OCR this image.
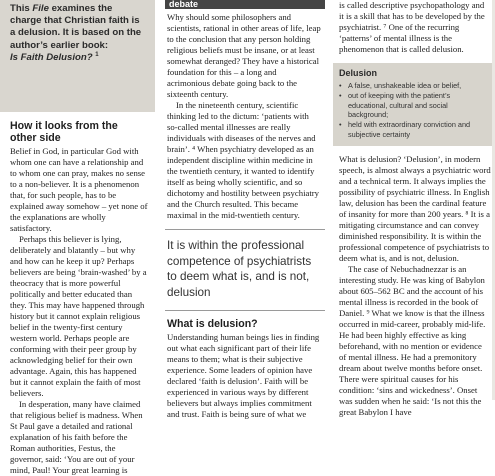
This File examines the charge that Christian faith is a delusion. It is based on the author’s earlier book:
Is Faith Delusion? $^1$
How it looks from the other side

Belief in God, in particular God with whom one can have a relationship and to whom one can pray, makes no sense to a non-believer. It is a phenomenon that, for such people, has to be explained away somehow – yet none of the explanations are wholly satisfactory.

Perhaps this believer is lying, deliberately and blatantly – but why and how can he keep it up? Perhaps believers are being ‘brain-washed’ by a theocracy that is more powerful politically and better educated than they. This may have happened through history but it cannot explain religious belief in the twenty-first century western world. Perhaps people are conforming with their peer group by acknowledging belief for their own advantage. Again, this has happened but it cannot explain the faith of most believers.

In desperation, many have claimed that religious belief is madness. When St Paul gave a detailed and rational explanation of his faith before the Roman authorities, Festus, the governor, said: ‘You are out of your mind, Paul! Your great learning is

debate

Why should some philosophers and scientists, rational in other areas of life, leap to the conclusion that any person holding religious beliefs must be insane, or at least somewhat deranged? They have a historical foundation for this – a long and acrimonious debate going back to the sixteenth century.

In the nineteenth century, scientific thinking led to the dictum: ‘patients with so-called mental illnesses are really individuals with diseases of the nerves and brain’. ⁴ When psychiatry developed as an independent discipline within medicine in the twentieth century, it wanted to identify itself as being wholly scientific, and so dichotomy and hostility between psychiatry and the Church resulted. This became maximal in the mid-twentieth century.

It is within the professional competence of psychiatrists to deem what is, and is not, delusion
What is delusion?

Understanding human beings lies in finding out what each significant part of their life means to them; what is their subjective experience. Some leaders of opinion have declared ‘faith is delusion’. Faith will be experienced in various ways by different believers but always implies commitment and trust. Faith is being sure of what we

is called descriptive psychopathology and it is a skill that has to be developed by the psychiatrist. ⁷ One of the recurring ‘patterns’ of mental illness is the phenomenon that is called delusion.

Delusion
• A false, unshakeable idea or belief,
• out of keeping with the patient’s educational, cultural and social background;
• held with extraordinary conviction and subjective certainty

What is delusion? ‘Delusion’, in modern speech, is almost always a psychiatric word and a technical term. It always implies the possibility of psychiatric illness. In English law, delusion has been the cardinal feature of insanity for more than 200 years. ⁸ It is a mitigating circumstance and can convey diminished responsibility. It is within the professional competence of psychiatrists to deem what is, and is not, delusion.

The case of Nebuchadnezzar is an interesting study. He was king of Babylon about 605–562 BC and the account of his mental illness is recorded in the book of Daniel. ⁹ What we know is that the illness occurred in mid-career, probably mid-life. He had been highly effective as king beforehand, with no mention or evidence of mental illness. He had a premonitory dream about twelve months before onset. There were spiritual causes for his condition: ‘sins and wickedness’. Onset was sudden when he said: ‘Is not this the great Babylon I have
